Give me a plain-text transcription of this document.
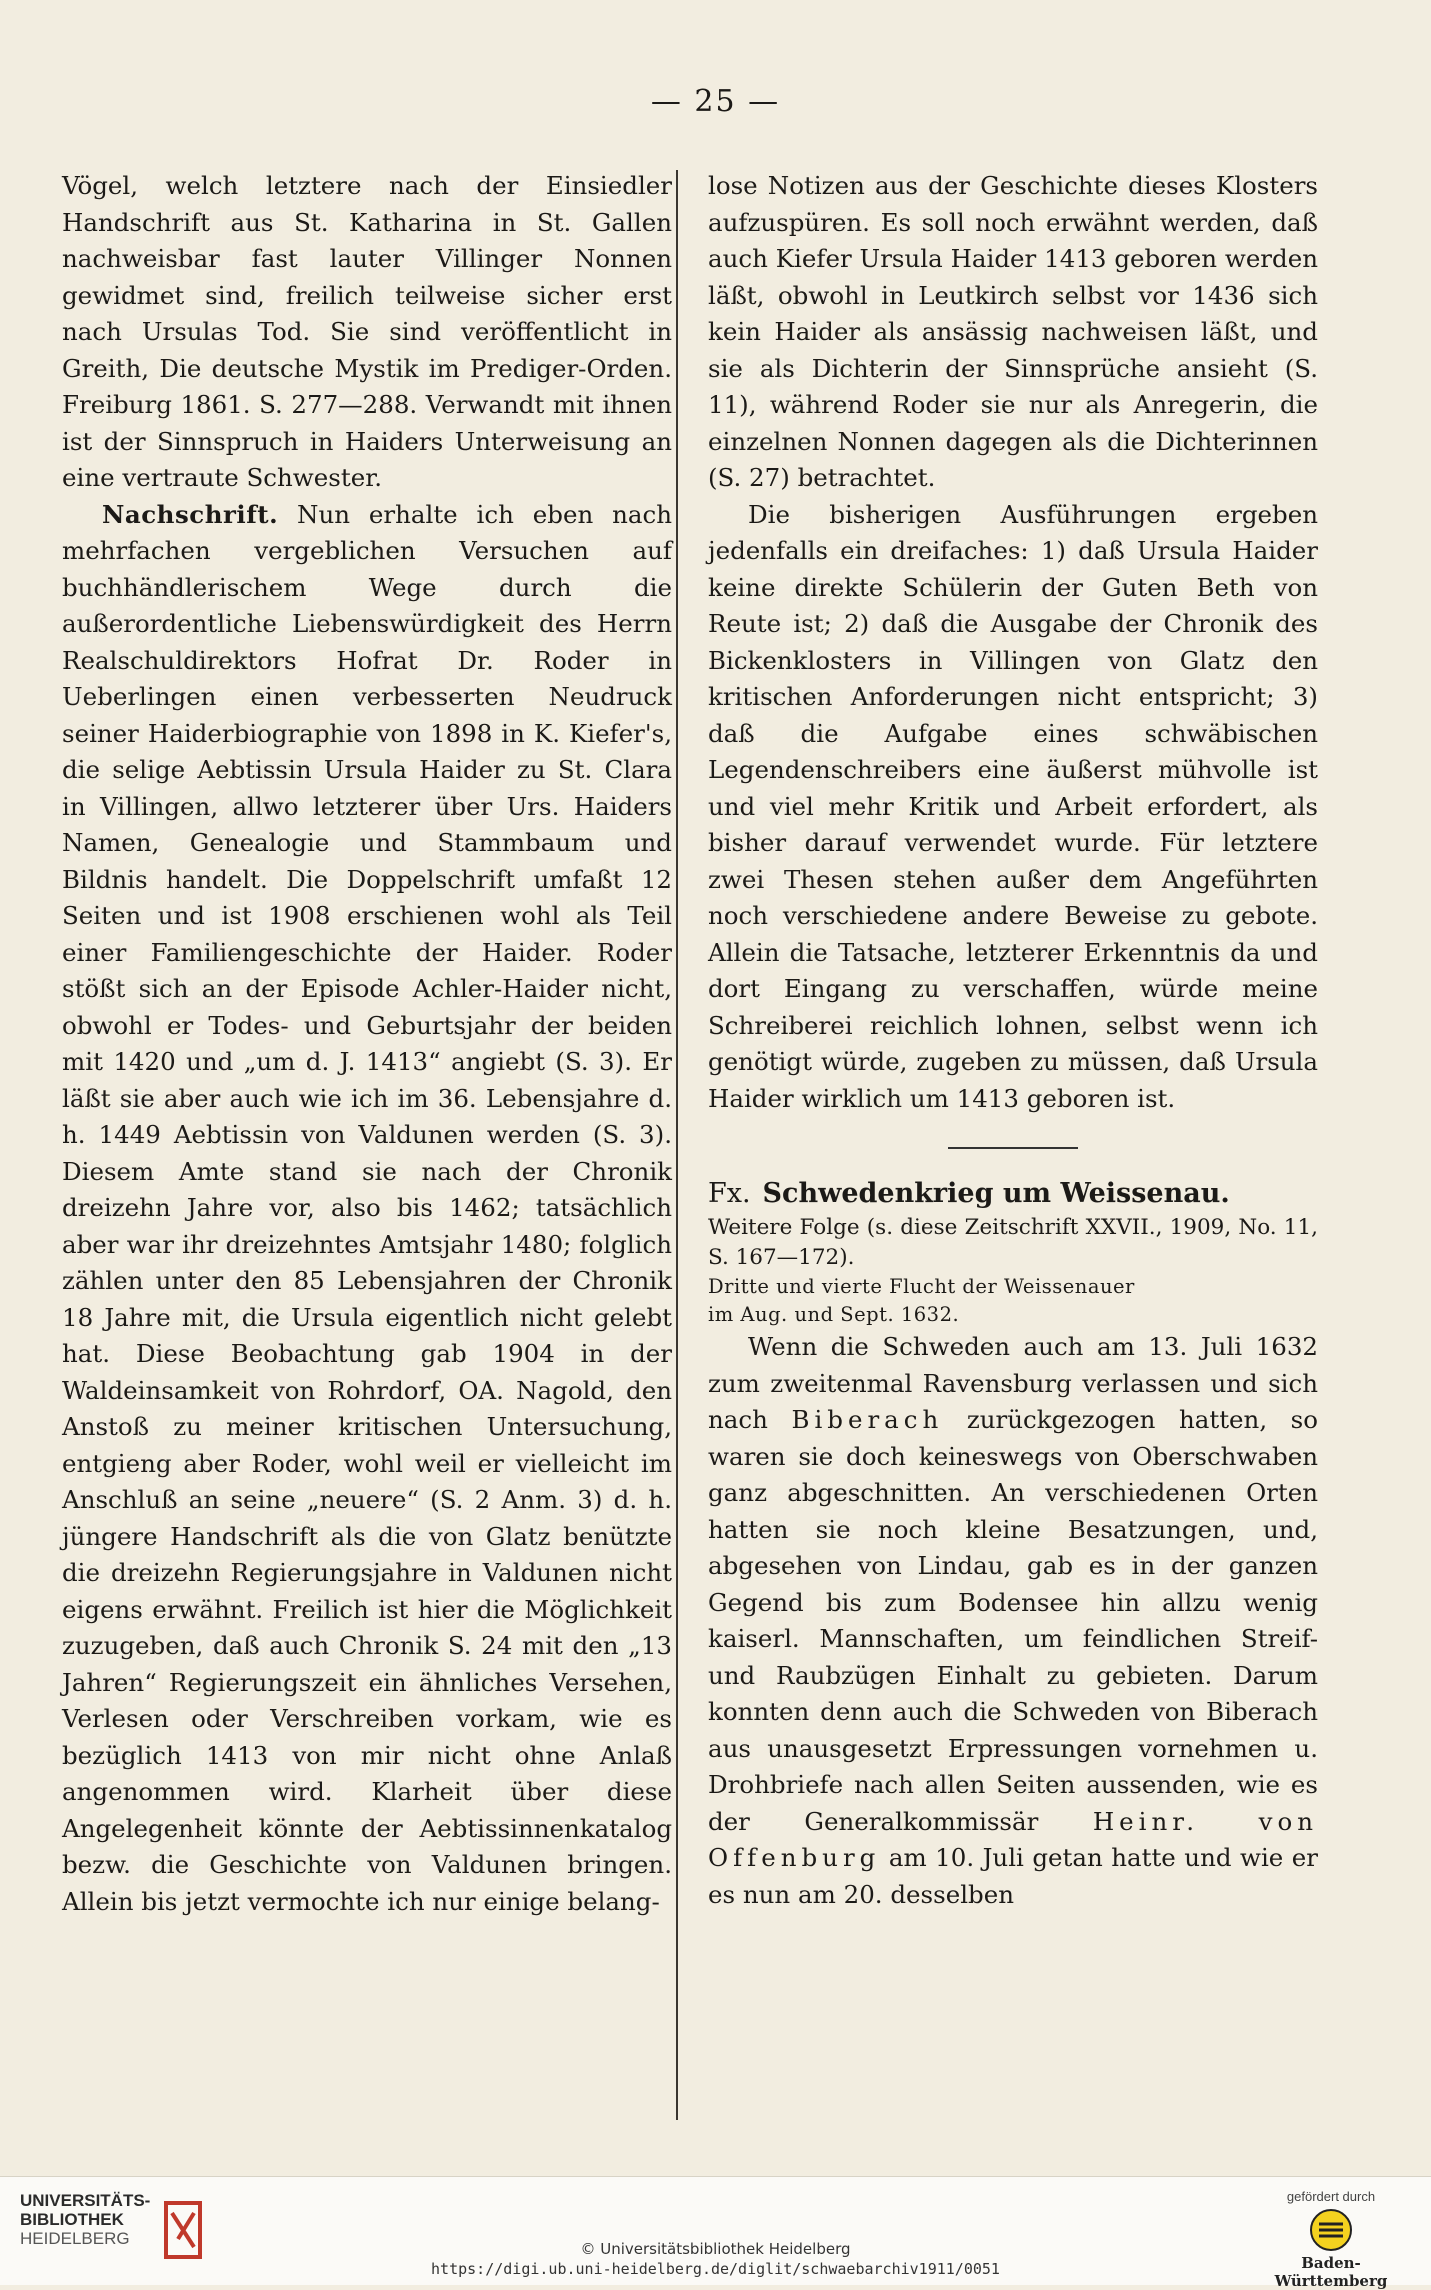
— 25 —

Vögel, welch letztere nach der Einsiedler Handschrift aus St. Katharina in St. Gallen nachweisbar fast lauter Villinger Nonnen gewidmet sind, freilich teilweise sicher erst nach Ursulas Tod. Sie sind veröffentlicht in Greith, Die deutsche Mystik im Prediger-Orden. Freiburg 1861. S. 277—288. Verwandt mit ihnen ist der Sinnspruch in Haiders Unterweisung an eine vertraute Schwester.

Nachschrift. Nun erhalte ich eben nach mehrfachen vergeblichen Versuchen auf buchhändlerischem Wege durch die außerordentliche Liebenswürdigkeit des Herrn Realschuldirektors Hofrat Dr. Roder in Ueberlingen einen verbesserten Neudruck seiner Haiderbiographie von 1898 in K. Kiefer's, die selige Aebtissin Ursula Haider zu St. Clara in Villingen, allwo letzterer über Urs. Haiders Namen, Genealogie und Stammbaum und Bildnis handelt. Die Doppelschrift umfaßt 12 Seiten und ist 1908 erschienen wohl als Teil einer Familiengeschichte der Haider. Roder stößt sich an der Episode Achler-Haider nicht, obwohl er Todes- und Geburtsjahr der beiden mit 1420 und „um d. J. 1413“ angiebt (S. 3). Er läßt sie aber auch wie ich im 36. Lebensjahre d. h. 1449 Aebtissin von Valdunen werden (S. 3). Diesem Amte stand sie nach der Chronik dreizehn Jahre vor, also bis 1462; tatsächlich aber war ihr dreizehntes Amtsjahr 1480; folglich zählen unter den 85 Lebensjahren der Chronik 18 Jahre mit, die Ursula eigentlich nicht gelebt hat. Diese Beobachtung gab 1904 in der Waldeinsamkeit von Rohrdorf, OA. Nagold, den Anstoß zu meiner kritischen Untersuchung, entgieng aber Roder, wohl weil er vielleicht im Anschluß an seine „neuere“ (S. 2 Anm. 3) d. h. jüngere Handschrift als die von Glatz benützte die dreizehn Regierungsjahre in Valdunen nicht eigens erwähnt. Freilich ist hier die Möglichkeit zuzugeben, daß auch Chronik S. 24 mit den „13 Jahren“ Regierungszeit ein ähnliches Versehen, Verlesen oder Verschreiben vorkam, wie es bezüglich 1413 von mir nicht ohne Anlaß angenommen wird. Klarheit über diese Angelegenheit könnte der Aebtissinnenkatalog bezw. die Geschichte von Valdunen bringen. Allein bis jetzt vermochte ich nur einige belang-

lose Notizen aus der Geschichte dieses Klosters aufzuspüren. Es soll noch erwähnt werden, daß auch Kiefer Ursula Haider 1413 geboren werden läßt, obwohl in Leutkirch selbst vor 1436 sich kein Haider als ansässig nachweisen läßt, und sie als Dichterin der Sinnsprüche ansieht (S. 11), während Roder sie nur als Anregerin, die einzelnen Nonnen dagegen als die Dichterinnen (S. 27) betrachtet.

Die bisherigen Ausführungen ergeben jedenfalls ein dreifaches: 1) daß Ursula Haider keine direkte Schülerin der Guten Beth von Reute ist; 2) daß die Ausgabe der Chronik des Bickenklosters in Villingen von Glatz den kritischen Anforderungen nicht entspricht; 3) daß die Aufgabe eines schwäbischen Legendenschreibers eine äußerst mühvolle ist und viel mehr Kritik und Arbeit erfordert, als bisher darauf verwendet wurde. Für letztere zwei Thesen stehen außer dem Angeführten noch verschiedene andere Beweise zu gebote. Allein die Tatsache, letzterer Erkenntnis da und dort Eingang zu verschaffen, würde meine Schreiberei reichlich lohnen, selbst wenn ich genötigt würde, zugeben zu müssen, daß Ursula Haider wirklich um 1413 geboren ist.

Fx. Schwedenkrieg um Weissenau.

Weitere Folge (s. diese Zeitschrift XXVII., 1909, No. 11, S. 167—172).

Dritte und vierte Flucht der Weissenauer
im Aug. und Sept. 1632.

Wenn die Schweden auch am 13. Juli 1632 zum zweitenmal Ravensburg verlassen und sich nach Biberach zurückgezogen hatten, so waren sie doch keineswegs von Oberschwaben ganz abgeschnitten. An verschiedenen Orten hatten sie noch kleine Besatzungen, und, abgesehen von Lindau, gab es in der ganzen Gegend bis zum Bodensee hin allzu wenig kaiserl. Mannschaften, um feindlichen Streif- und Raubzügen Einhalt zu gebieten. Darum konnten denn auch die Schweden von Biberach aus unausgesetzt Erpressungen vornehmen u. Drohbriefe nach allen Seiten aussenden, wie es der Generalkommissär Heinr. von Offenburg am 10. Juli getan hatte und wie er es nun am 20. desselben

UNIVERSITÄTS-
BIBLIOTHEK
HEIDELBERG
© Universitätsbibliothek Heidelberg
https://digi.ub.uni-heidelberg.de/diglit/schwaebarchiv1911/0051
gefördert durch
Baden-Württemberg
